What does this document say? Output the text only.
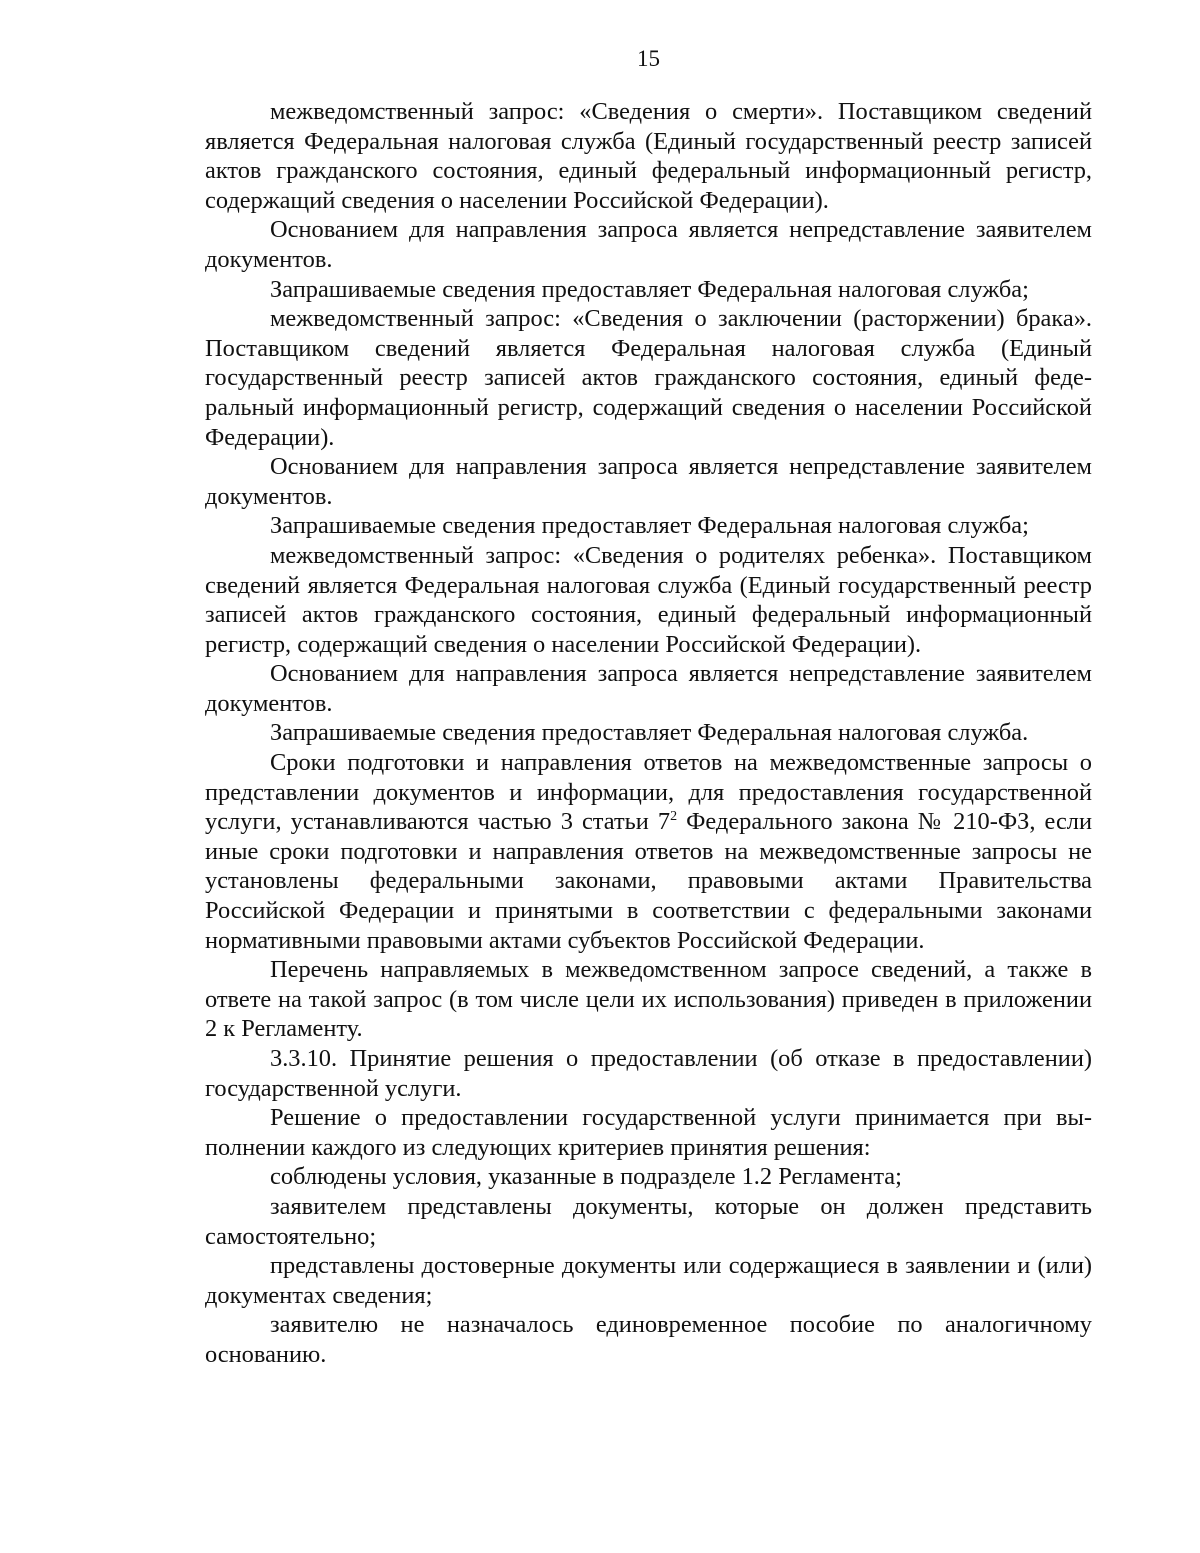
15

межведомственный запрос: «Сведения о смерти». Поставщиком сведений является Федеральная налоговая служба (Единый государственный реестр записей актов гражданского состояния, единый федеральный информационный регистр, содержащий сведения о населении Российской Федерации).

Основанием для направления запроса является непредставление заявителем документов.

Запрашиваемые сведения предоставляет Федеральная налоговая служба;

межведомственный запрос: «Сведения о заключении (расторжении) брака». Поставщиком сведений является Федеральная налоговая служба (Единый государственный реестр записей актов гражданского состояния, единый федеральный информационный регистр, содержащий сведения о населении Российской Федерации).

Основанием для направления запроса является непредставление заявителем документов.

Запрашиваемые сведения предоставляет Федеральная налоговая служба;

межведомственный запрос: «Сведения о родителях ребенка». Поставщиком сведений является Федеральная налоговая служба (Единый государственный реестр записей актов гражданского состояния, единый федеральный информационный регистр, содержащий сведения о населении Российской Федерации).

Основанием для направления запроса является непредставление заявителем документов.

Запрашиваемые сведения предоставляет Федеральная налоговая служба.

Сроки подготовки и направления ответов на межведомственные запросы о представлении документов и информации, для предоставления государственной услуги, устанавливаются частью 3 статьи $7^2$ Федерального закона № 210-ФЗ, если иные сроки подготовки и направления ответов на межведомственные запросы не установлены федеральными законами, правовыми актами Правительства Российской Федерации и принятыми в соответствии с федеральными законами нормативными правовыми актами субъектов Российской Федерации.

Перечень направляемых в межведомственном запросе сведений, а также в ответе на такой запрос (в том числе цели их использования) приведен в приложении 2 к Регламенту.

3.3.10. Принятие решения о предоставлении (об отказе в предоставлении) государственной услуги.

Решение о предоставлении государственной услуги принимается при выполнении каждого из следующих критериев принятия решения:

соблюдены условия, указанные в подразделе 1.2 Регламента;

заявителем представлены документы, которые он должен представить самостоятельно;

представлены достоверные документы или содержащиеся в заявлении и (или) документах сведения;

заявителю не назначалось единовременное пособие по аналогичному основанию.
